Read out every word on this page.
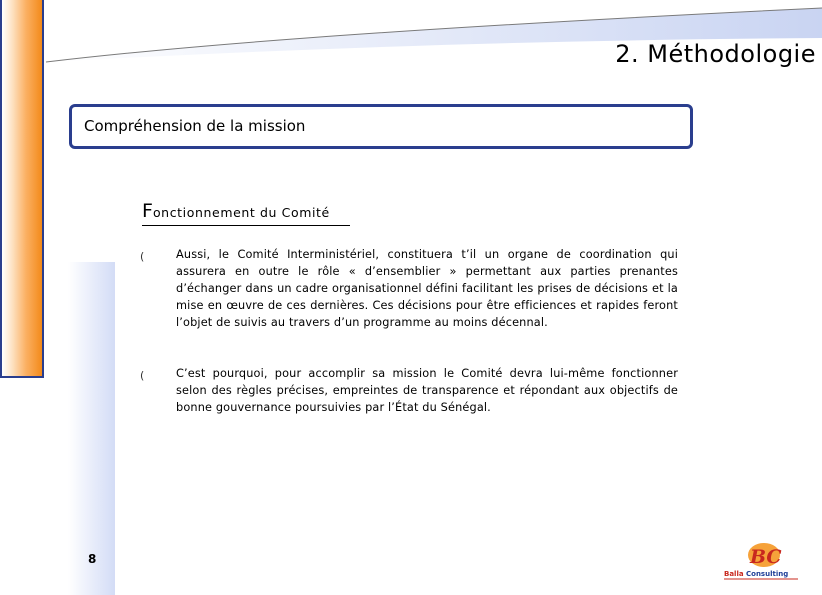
2. Méthodologie
Compréhension de la mission
Fonctionnement du Comité
(	Aussi, le Comité Interministériel, constituera t’il un organe de coordination qui assurera en outre le rôle « d’ensemblier » permettant aux parties prenantes d’échanger dans un cadre organisationnel défini facilitant les prises de décisions et la mise en œuvre de ces dernières. Ces décisions pour être efficiences et rapides feront l’objet de suivis au travers d’un programme au moins décennal.
(	C’est pourquoi, pour accomplir sa mission le Comité devra lui-même fonctionner selon des règles précises, empreintes de transparence et répondant aux objectifs de bonne gouvernance poursuivies par l’État du Sénégal.
8	BC
Balla Consulting
